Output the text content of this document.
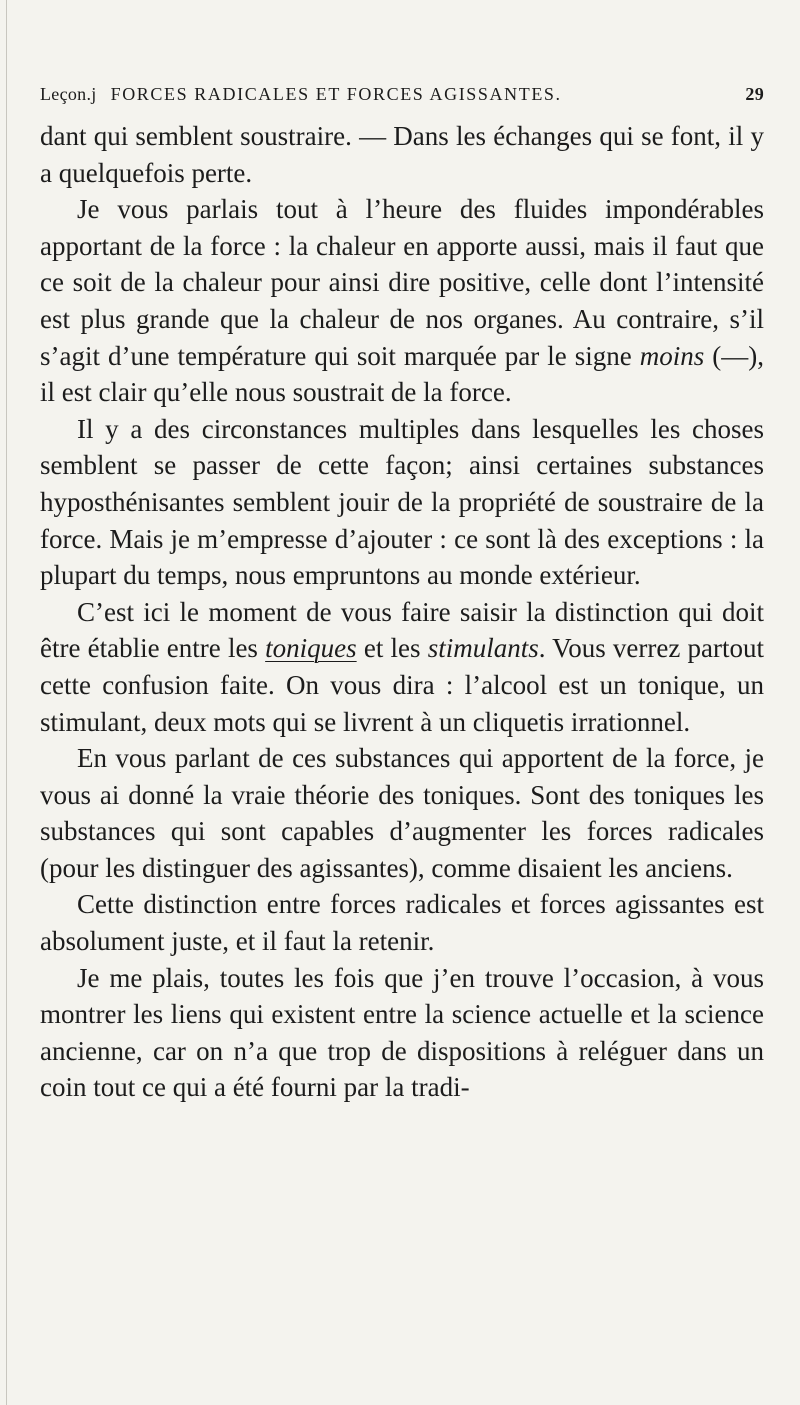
Leçon.j FORCES RADICALES ET FORCES AGISSANTES.	29

dant qui semblent soustraire. — Dans les échanges qui se font, il y a quelquefois perte.

Je vous parlais tout à l’heure des fluides impondérables apportant de la force : la chaleur en apporte aussi, mais il faut que ce soit de la chaleur pour ainsi dire positive, celle dont l’intensité est plus grande que la chaleur de nos organes. Au contraire, s’il s’agit d’une température qui soit marquée par le signe moins (—), il est clair qu’elle nous soustrait de la force.

Il y a des circonstances multiples dans lesquelles les choses semblent se passer de cette façon; ainsi certaines substances hyposthénisantes semblent jouir de la propriété de soustraire de la force. Mais je m’empresse d’ajouter : ce sont là des exceptions : la plupart du temps, nous empruntons au monde extérieur.

C’est ici le moment de vous faire saisir la distinction qui doit être établie entre les toniques et les stimulants. Vous verrez partout cette confusion faite. On vous dira : l’alcool est un tonique, un stimulant, deux mots qui se livrent à un cliquetis irrationnel.

En vous parlant de ces substances qui apportent de la force, je vous ai donné la vraie théorie des toniques. Sont des toniques les substances qui sont capables d’augmenter les forces radicales (pour les distinguer des agissantes), comme disaient les anciens.

Cette distinction entre forces radicales et forces agissantes est absolument juste, et il faut la retenir.

Je me plais, toutes les fois que j’en trouve l’occasion, à vous montrer les liens qui existent entre la science actuelle et la science ancienne, car on n’a que trop de dispositions à reléguer dans un coin tout ce qui a été fourni par la tradi-
